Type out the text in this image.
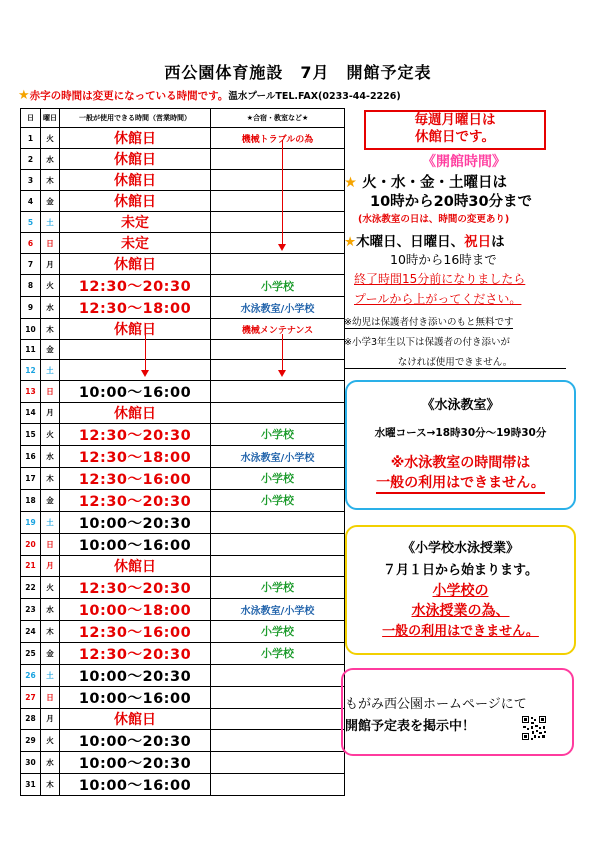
西公園体育施設　7月　開館予定表
★赤字の時間は変更になっている時間です。温水プールTEL.FAX(0233-44-2226)
日	曜日	一般が使用できる時間（営業時間）	★合宿・教室など★
1	火	休館日	機械トラブルの為
2	水	休館日	
3	木	休館日	
4	金	休館日	
5	土	未定	
6	日	未定	
7	月	休館日	
8	火	12:30～20:30	小学校
9	水	12:30～18:00	水泳教室/小学校
10	木	休館日	機械メンテナンス
11	金		
12	土		
13	日	10:00～16:00	
14	月	休館日	
15	火	12:30～20:30	小学校
16	水	12:30～18:00	水泳教室/小学校
17	木	12:30～16:00	小学校
18	金	12:30～20:30	小学校
19	土	10:00～20:30	
20	日	10:00～16:00	
21	月	休館日	
22	火	12:30～20:30	小学校
23	水	10:00～18:00	水泳教室/小学校
24	木	12:30～16:00	小学校
25	金	12:30～20:30	小学校
26	土	10:00～20:30	
27	日	10:00～16:00	
28	月	休館日	
29	火	10:00～20:30	
30	水	10:00～20:30	
31	木	10:00～16:00	
毎週月曜日は
休館日です。
《開館時間》
★ 火・水・金・土曜日は
10時から20時30分まで
(水泳教室の日は、時間の変更あり)
★木曜日、日曜日、祝日は
10時から16時まで
終了時間15分前になりましたら
プールから上がってください。
※幼児は保護者付き添いのもと無料です
※小学3年生以下は保護者の付き添いが
なければ使用できません。
《水泳教室》
水曜コース→18時30分～19時30分
※水泳教室の時間帯は
一般の利用はできません。
《小学校水泳授業》
７月１日から始まります。
小学校の
水泳授業の為、
一般の利用はできません。
もがみ西公園ホームページにて
開館予定表を掲示中！
